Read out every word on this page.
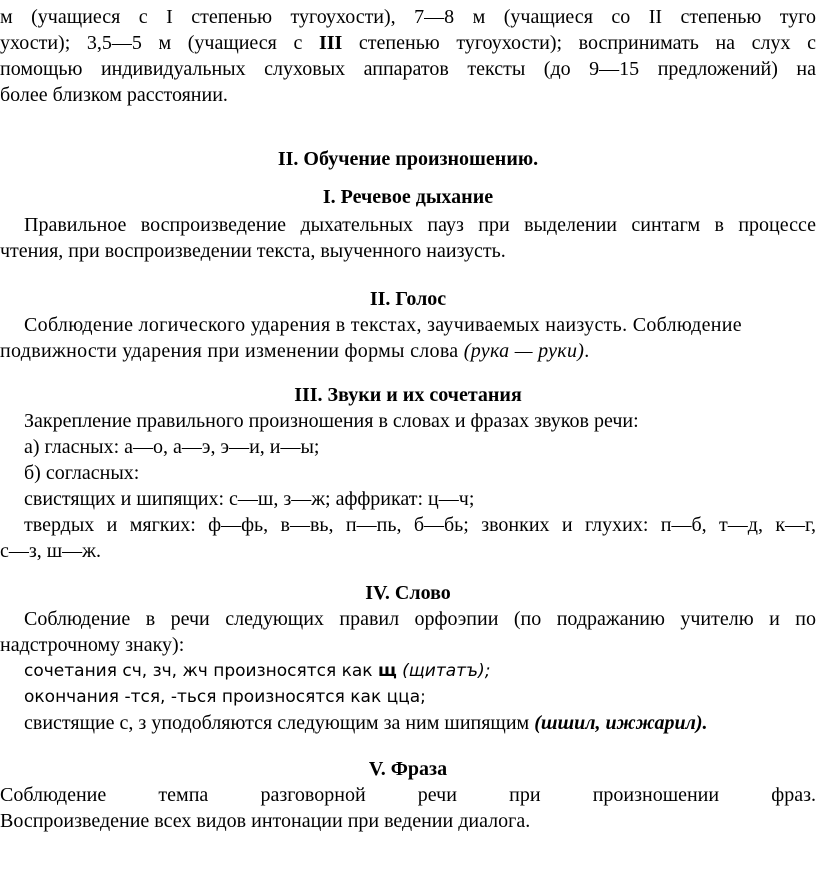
м (учащиеся с I степенью тугоухости), 7—8 м (учащиеся со II степенью туго
ухости); 3,5—5 м (учащиеся с III степенью тугоухости); воспринимать на слух с
помощью индивидуальных слуховых аппаратов тексты (до 9—15 предложений) на
более близком расстоянии.
II. Обучение произношению.
I. Речевое дыхание
Правильное воспроизведение дыхательных пауз при выделении синтагм в процессе
чтения, при воспроизведении текста, выученного наизусть.
II. Голос
Соблюдение логического ударения в текстах, заучиваемых наизусть. Соблюдение
подвижности ударения при изменении формы слова (рука — руки).
III. Звуки и их сочетания
Закрепление правильного произношения в словах и фразах звуков речи:
а) гласных: а—о, а—э, э—и, и—ы;
б) согласных:
свистящих и шипящих: с—ш, з—ж; аффрикат: ц—ч;
твердых и мягких: ф—фь, в—вь, п—пь, б—бь; звонких и глухих: п—б, т—д, к—г,
с—з, ш—ж.
IV. Слово
Соблюдение в речи следующих правил орфоэпии (по подражанию учителю и по
надстрочному знаку):
сочетания сч, зч, жч произносятся как щ (щитатъ);
окончания -тся, -ться произносятся как цца;
свистящие с, з уподобляются следующим за ним шипящим (шшил, ижжарил).
V. Фраза
Соблюдение темпа разговорной речи при произношении фраз.
Воспроизведение всех видов интонации при ведении диалога.
